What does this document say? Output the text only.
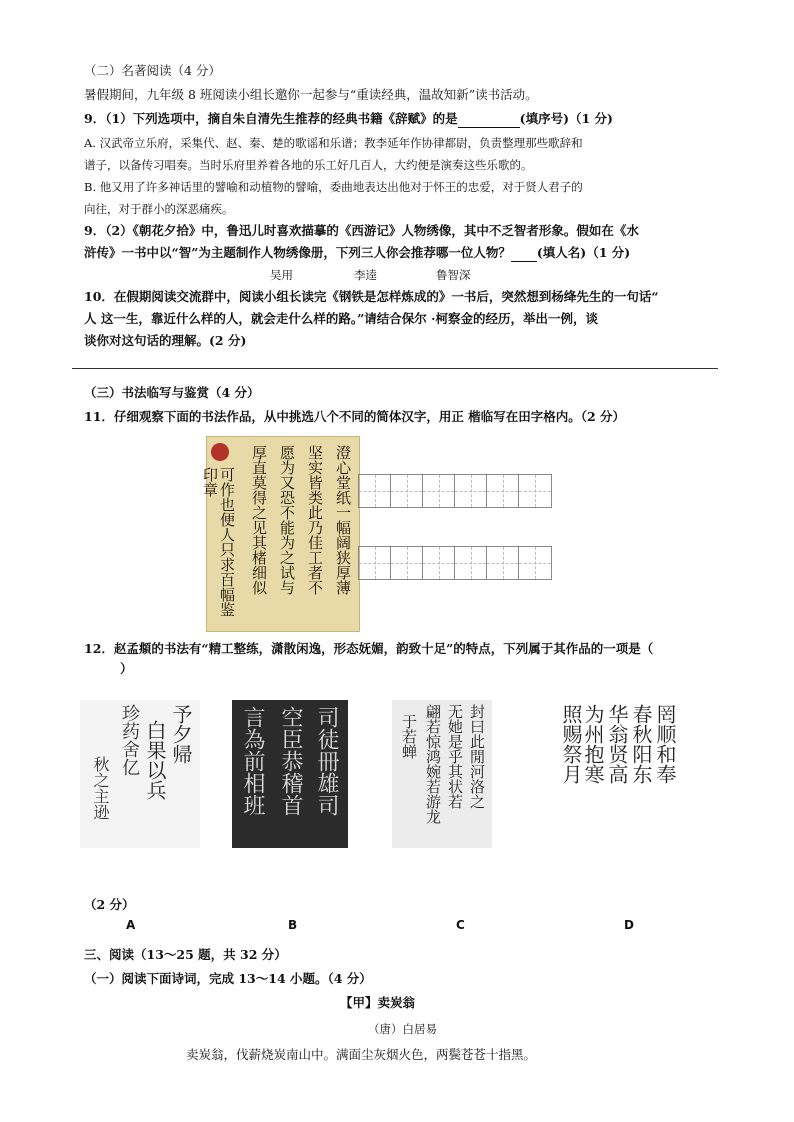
（二）名著阅读（4 分）
暑假期间，九年级 8 班阅读小组长邀你一起参与“重读经典，温故知新”读书活动。
9．（1）下列选项中，摘自朱自清先生推荐的经典书籍《辞赋》的是	(填序号)（1 分)
A. 汉武帝立乐府，采集代、赵、秦、楚的歌谣和乐谱；教李延年作协律都尉，负责整理那些歌辞和
谱子，以备传习唱奏。当时乐府里养着各地的乐工好几百人，大约便是演奏这些乐歌的。
B. 他又用了许多神话里的譬喻和动植物的譬喻，委曲地表达出他对于怀王的忠爱，对于贤人君子的
向往，对于群小的深恶痛疾。
9．（2）《朝花夕拾》中，鲁迅儿时喜欢描摹的《西游记》人物绣像，其中不乏智者形象。假如在《水
浒传》一书中以“智”为主题制作人物绣像册，下列三人你会推荐哪一位人物？ (填人名)（1 分)
吴用	李逵	鲁智深
10．在假期阅读交流群中，阅读小组长读完《钢铁是怎样炼成的》一书后，突然想到杨绛先生的一句话“
人 这一生，靠近什么样的人，就会走什么样的路。”请结合保尔 ·柯察金的经历，举出一例，谈
谈你对这句话的理解。(2 分)
（三）书法临写与鉴赏（4 分）
11．仔细观察下面的书法作品，从中挑选八个不同的简体汉字，用正 楷临写在田字格内。（2 分）
澄心堂纸一幅阔狭厚薄
坚实皆类此乃佳工者不
愿为又恐不能为之试与
厚直莫得之见其楮细似
可作也便人只求百幅鉴印章
12．赵孟頫的书法有“精工整练，潇散闲逸，形态妩媚，韵致十足”的特点，下列属于其作品的一项是（
）
予夕帰
白果以兵
珍药舍亿
秋之主逊	司徒冊雄司
空臣恭稽首
言為前相班	封曰此閒河洛之
无她是乎其状若
翩若惊鸿婉若游龙
于若蝉	罔顺和奉
春秋阳东
华翁贤高
为州抱寒
照赐祭月
（2 分）
A	B	C	D
三、阅读（13～25 题，共 32 分）
（一）阅读下面诗词，完成 13～14 小题。（4 分）
【甲】卖炭翁
（唐）白居易
卖炭翁，伐薪烧炭南山中。满面尘灰烟火色，两鬓苍苍十指黑。
